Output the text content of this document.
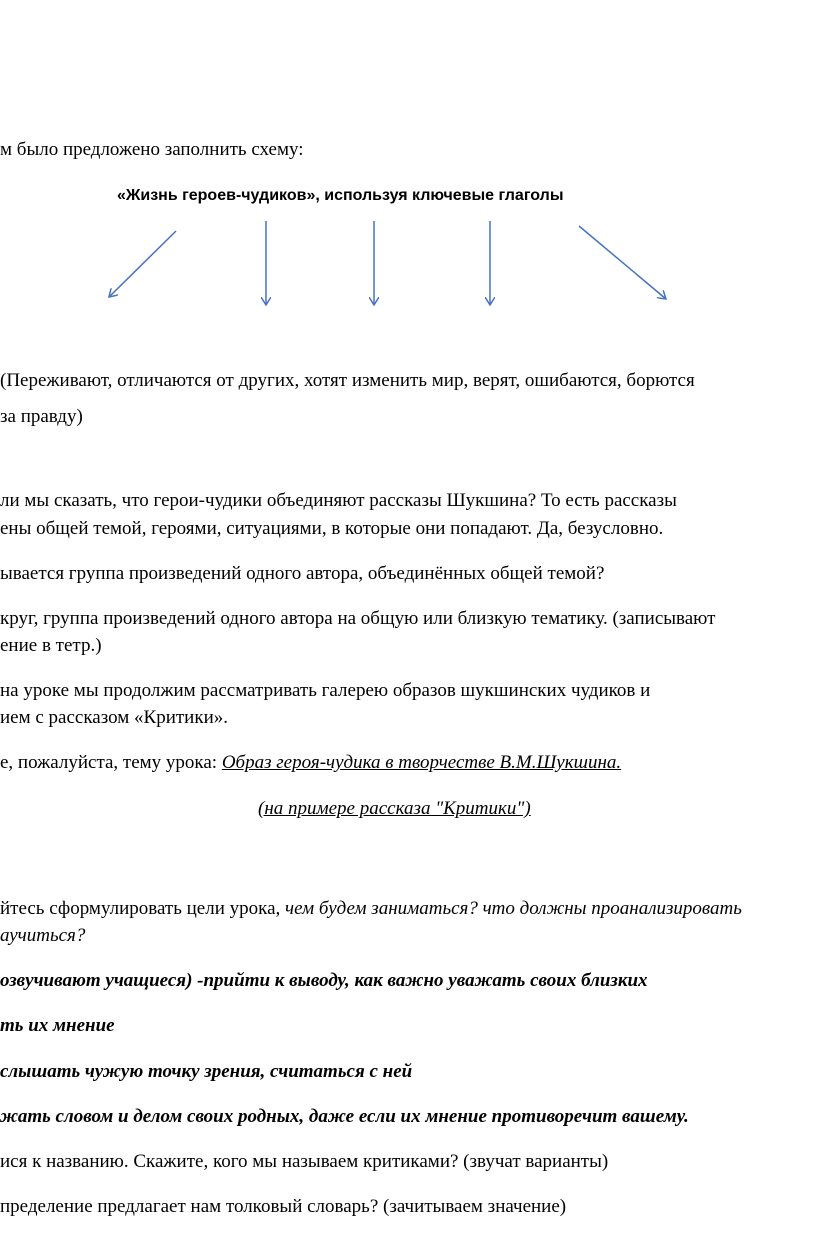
м было предложено заполнить схему:
«Жизнь героев-чудиков», используя ключевые глаголы
(Переживают, отличаются от других, хотят изменить мир, верят, ошибаются, борются
за правду)
ли мы сказать, что герои-чудики объединяют рассказы Шукшина? То есть рассказы
ены общей темой, героями, ситуациями, в которые они попадают. Да, безусловно.
ывается группа произведений одного автора, объединённых общей темой?
круг, группа произведений одного автора на общую или близкую тематику. (записывают
ение в тетр.)
на уроке мы продолжим рассматривать галерею образов шукшинских чудиков и
ием с рассказом «Критики».
е, пожалуйста, тему урока: Образ героя-чудика в творчестве В.М.Шукшина.
(на примере рассказа "Критики")
йтесь сформулировать цели урока, чем будем заниматься? что должны проанализировать
аучиться?
озвучивают учащиеся) -прийти к выводу, как важно уважать своих близких
ть их мнение
слышать чужую точку зрения, считаться с ней
жать словом и делом своих родных, даже если их мнение противоречит вашему.
ися к названию. Скажите, кого мы называем критиками? (звучат варианты)
пределение предлагает нам толковый словарь? (зачитываем значение)
